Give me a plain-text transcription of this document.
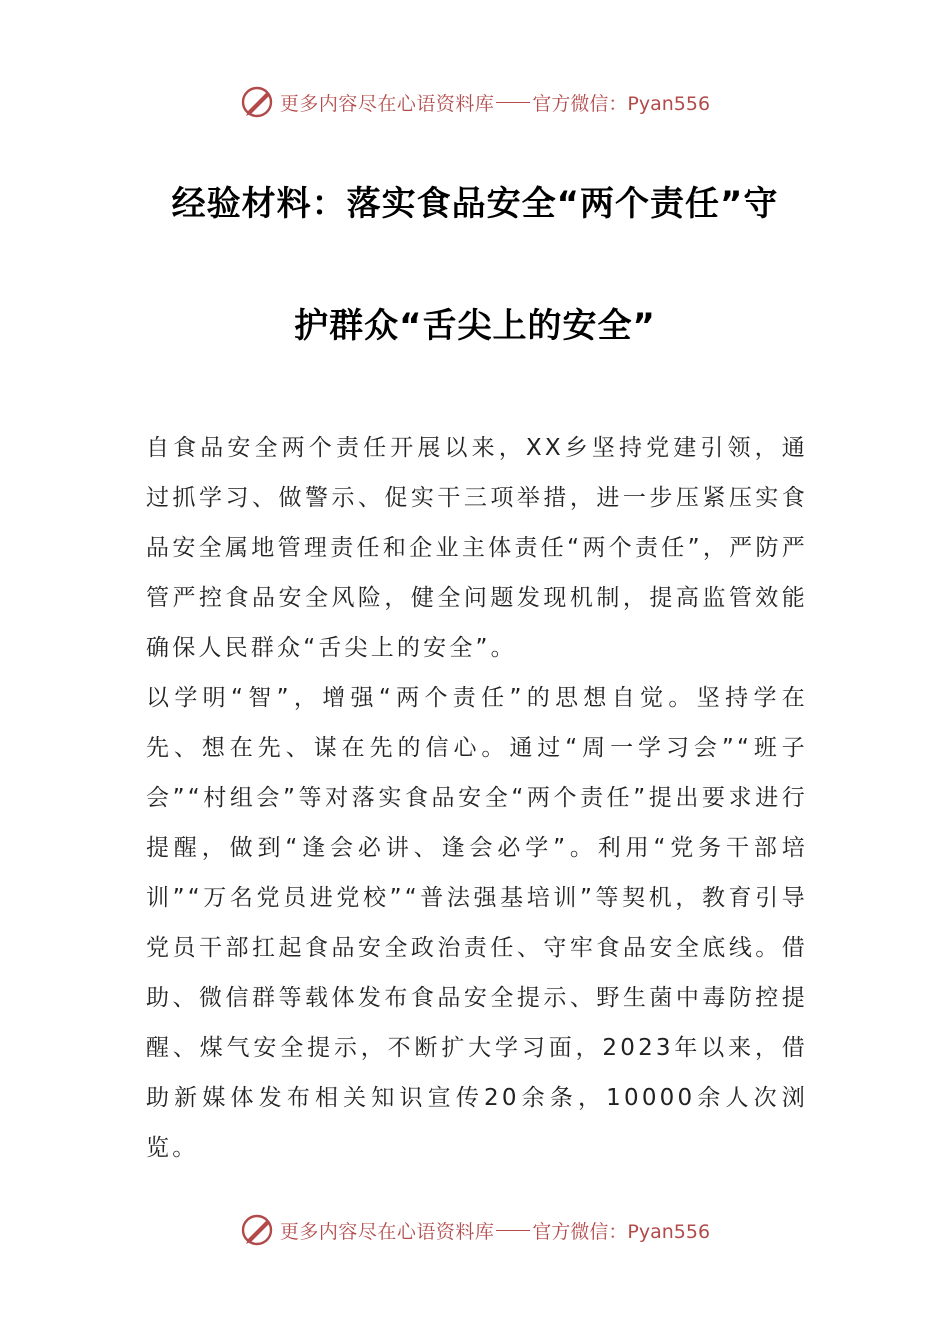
更多内容尽在心语资料库 官方微信：Pyan556
经验材料：落实食品安全“两个责任”守
护群众“舌尖上的安全”

自食品安全两个责任开展以来，XX乡坚持党建引领，通过抓学习、做警示、促实干三项举措，进一步压紧压实食品安全属地管理责任和企业主体责任“两个责任”，严防严管严控食品安全风险，健全问题发现机制，提高监管效能确保人民群众“舌尖上的安全”。

以学明“智”，增强“两个责任”的思想自觉。坚持学在先、想在先、谋在先的信心。通过“周一学习会”“班子会”“村组会”等对落实食品安全“两个责任”提出要求进行提醒，做到“逢会必讲、逢会必学”。利用“党务干部培训”“万名党员进党校”“普法强基培训”等契机，教育引导党员干部扛起食品安全政治责任、守牢食品安全底线。借助、微信群等载体发布食品安全提示、野生菌中毒防控提醒、煤气安全提示，不断扩大学习面，2023年以来，借助新媒体发布相关知识宣传20余条，10000余人次浏览。

更多内容尽在心语资料库 官方微信：Pyan556
